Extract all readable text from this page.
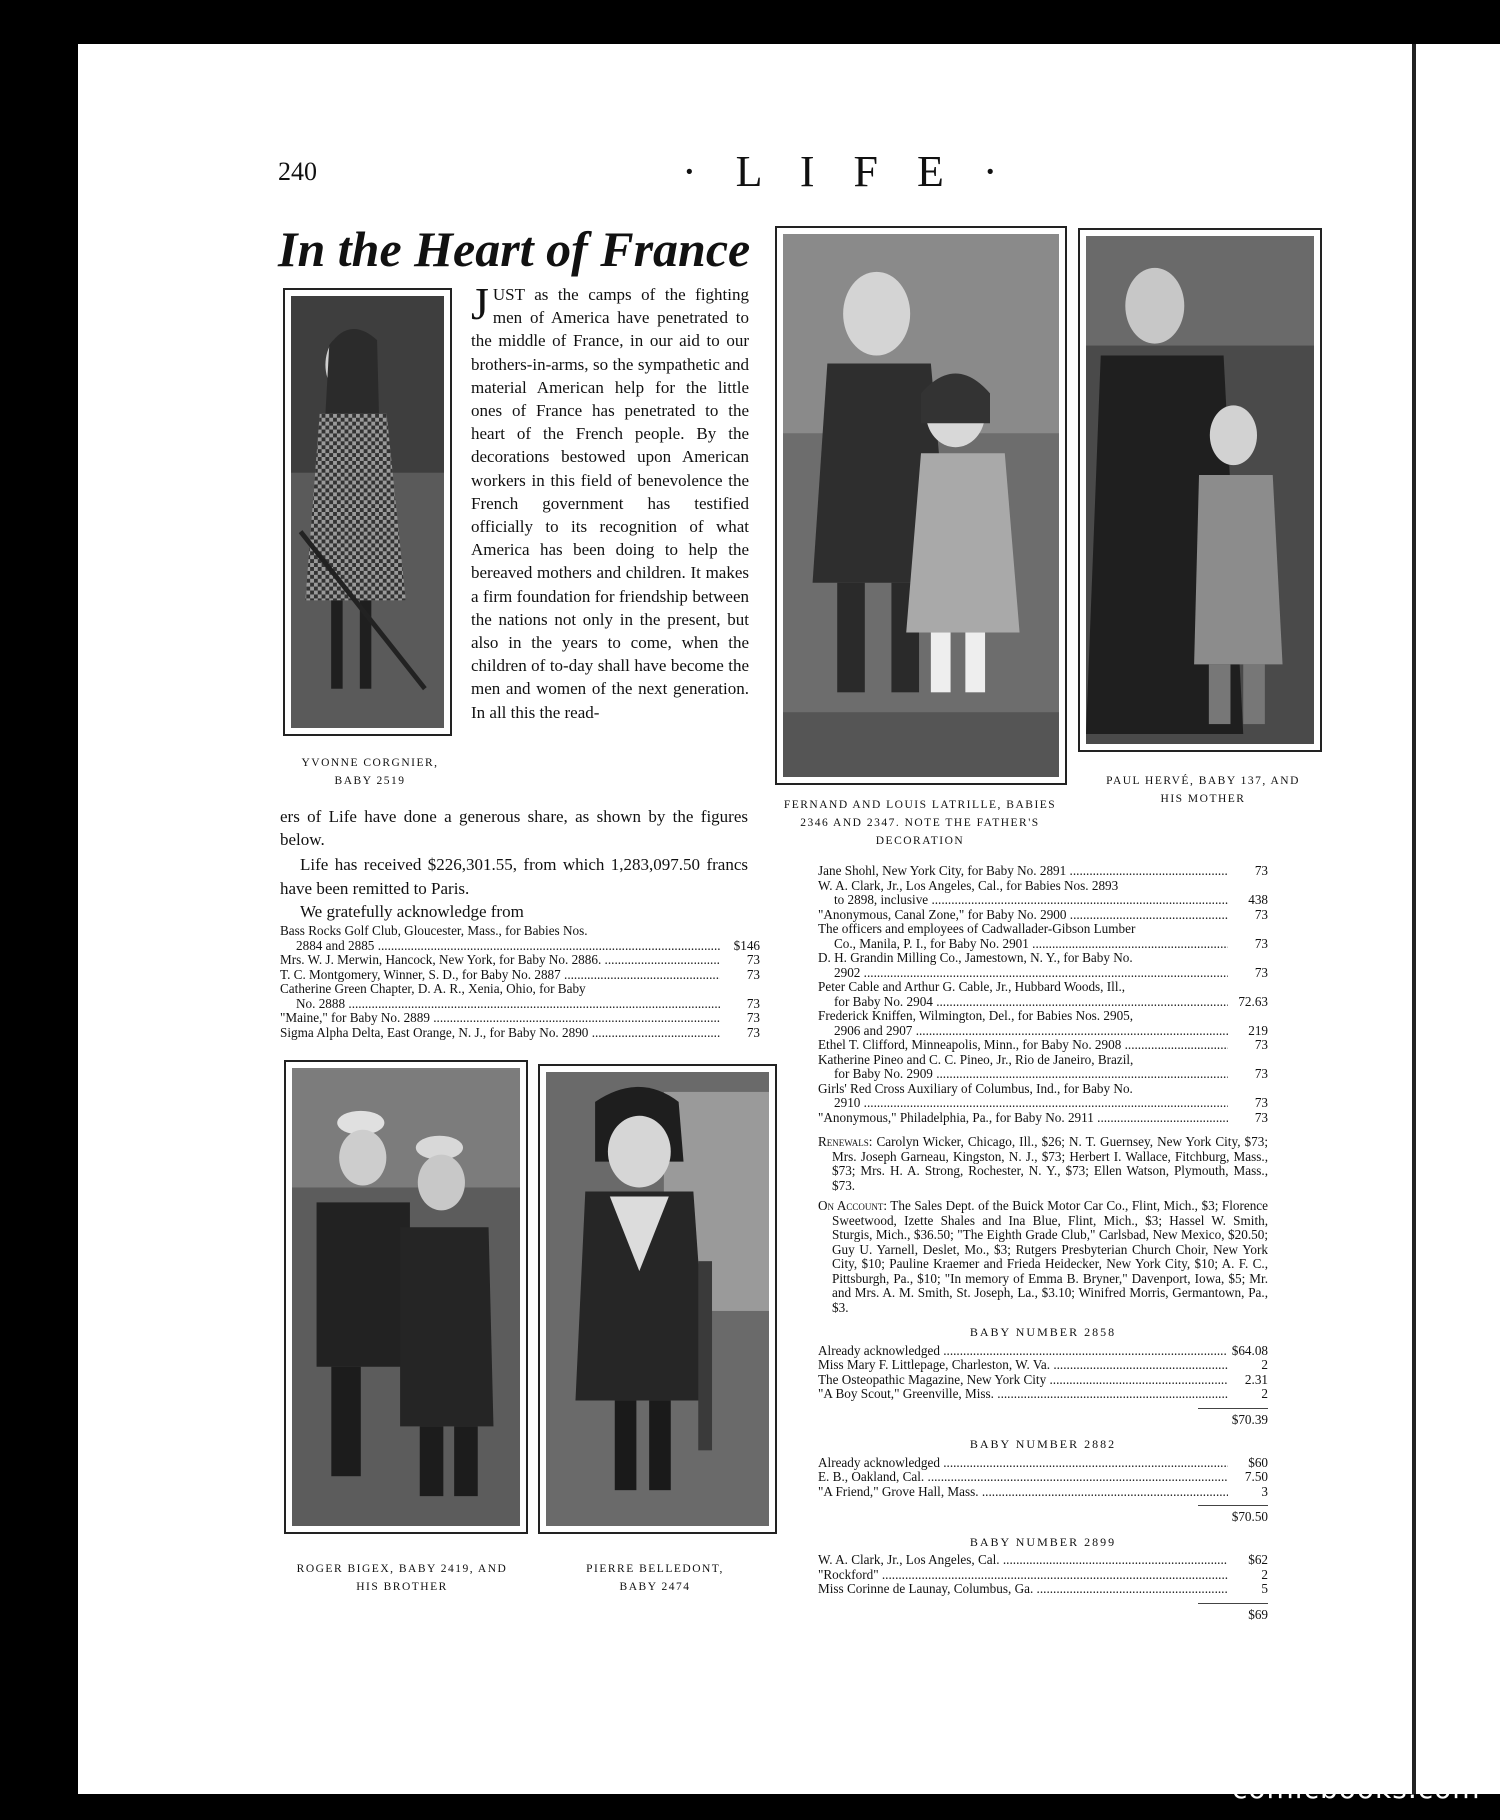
240	· L I F E ·
In the Heart of France
YVONNE CORGNIER,
BABY 2519
JUST as the camps of the fighting men of America have penetrated to the middle of France, in our aid to our brothers-in-arms, so the sympathetic and material American help for the little ones of France has penetrated to the heart of the French people. By the decorations bestowed upon American workers in this field of benevolence the French government has testified officially to its recognition of what America has been doing to help the bereaved mothers and children. It makes a firm foundation for friendship between the nations not only in the present, but also in the years to come, when the children of to-day shall have become the men and women of the next generation. In all this the read-
ers of Life have done a generous share, as shown by the figures below.
Life has received $226,301.55, from which 1,283,097.50 francs have been remitted to Paris.
We gratefully acknowledge from
Bass Rocks Golf Club, Gloucester, Mass., for Babies Nos.
2884 and 2885 .....	$146
Mrs. W. J. Merwin, Hancock, New York, for Baby No. 2886. .....	73
T. C. Montgomery, Winner, S. D., for Baby No. 2887 .....	73
Catherine Green Chapter, D. A. R., Xenia, Ohio, for Baby
No. 2888 .....	73
"Maine," for Baby No. 2889 .....	73
Sigma Alpha Delta, East Orange, N. J., for Baby No. 2890 .....	73
FERNAND AND LOUIS LATRILLE, BABIES
2346 AND 2347. NOTE THE FATHER'S
DECORATION
PAUL HERVÉ, BABY 137, AND
HIS MOTHER
Jane Shohl, New York City, for Baby No. 2891 .....	73
W. A. Clark, Jr., Los Angeles, Cal., for Babies Nos. 2893
to 2898, inclusive .....	438
"Anonymous, Canal Zone," for Baby No. 2900 .....	73
The officers and employees of Cadwallader-Gibson Lumber
Co., Manila, P. I., for Baby No. 2901 .....	73
D. H. Grandin Milling Co., Jamestown, N. Y., for Baby No.
2902 .....	73
Peter Cable and Arthur G. Cable, Jr., Hubbard Woods, Ill.,
for Baby No. 2904 .....	72.63
Frederick Kniffen, Wilmington, Del., for Babies Nos. 2905,
2906 and 2907 .....	219
Ethel T. Clifford, Minneapolis, Minn., for Baby No. 2908 .....	73
Katherine Pineo and C. C. Pineo, Jr., Rio de Janeiro, Brazil,
for Baby No. 2909 .....	73
Girls' Red Cross Auxiliary of Columbus, Ind., for Baby No.
2910 .....	73
"Anonymous," Philadelphia, Pa., for Baby No. 2911 .....	73
Renewals: Carolyn Wicker, Chicago, Ill., $26; N. T. Guernsey, New York City, $73; Mrs. Joseph Garneau, Kingston, N. J., $73; Herbert I. Wallace, Fitchburg, Mass., $73; Mrs. H. A. Strong, Rochester, N. Y., $73; Ellen Watson, Plymouth, Mass., $73.
On Account: The Sales Dept. of the Buick Motor Car Co., Flint, Mich., $3; Florence Sweetwood, Izette Shales and Ina Blue, Flint, Mich., $3; Hassel W. Smith, Sturgis, Mich., $36.50; "The Eighth Grade Club," Carlsbad, New Mexico, $20.50; Guy U. Yarnell, Deslet, Mo., $3; Rutgers Presbyterian Church Choir, New York City, $10; Pauline Kraemer and Frieda Heidecker, New York City, $10; A. F. C., Pittsburgh, Pa., $10; "In memory of Emma B. Bryner," Davenport, Iowa, $5; Mr. and Mrs. A. M. Smith, St. Joseph, La., $3.10; Winifred Morris, Germantown, Pa., $3.
BABY NUMBER 2858
Already acknowledged .....	$64.08
Miss Mary F. Littlepage, Charleston, W. Va. .....	2
The Osteopathic Magazine, New York City .....	2.31
"A Boy Scout," Greenville, Miss. .....	2
$70.39
BABY NUMBER 2882
Already acknowledged .....	$60
E. B., Oakland, Cal. .....	7.50
"A Friend," Grove Hall, Mass. .....	3
$70.50
BABY NUMBER 2899
W. A. Clark, Jr., Los Angeles, Cal. .....	$62
"Rockford" .....	2
Miss Corinne de Launay, Columbus, Ga. .....	5
$69
ROGER BIGEX, BABY 2419, AND
HIS BROTHER
PIERRE BELLEDONT,
BABY 2474
comicbooks.com
